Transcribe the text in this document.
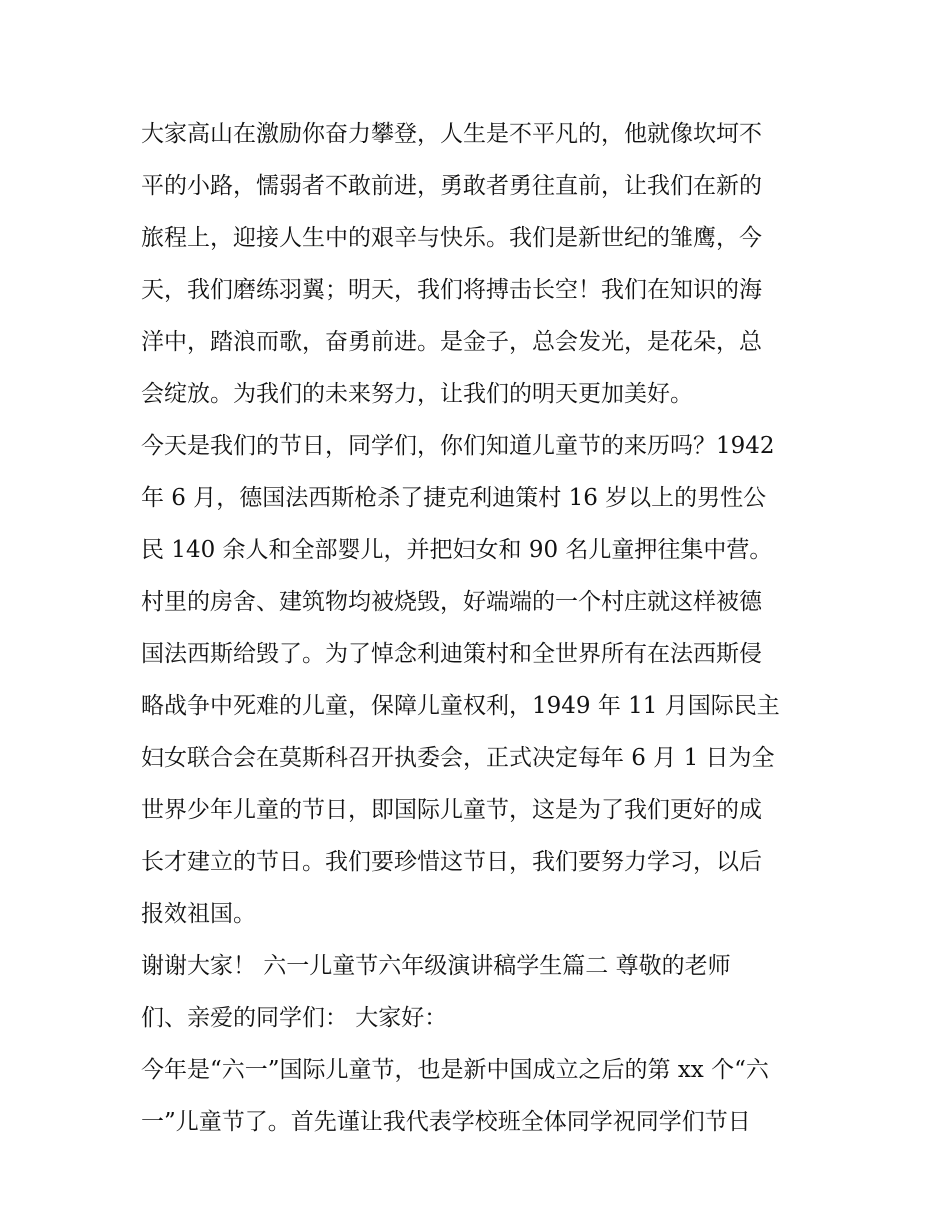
大家高山在激励你奋力攀登，人生是不平凡的，他就像坎坷不
平的小路，懦弱者不敢前进，勇敢者勇往直前，让我们在新的
旅程上，迎接人生中的艰辛与快乐。我们是新世纪的雏鹰，今
天，我们磨练羽翼；明天，我们将搏击长空！我们在知识的海
洋中，踏浪而歌，奋勇前进。是金子，总会发光，是花朵，总
会绽放。为我们的未来努力，让我们的明天更加美好。
今天是我们的节日，同学们，你们知道儿童节的来历吗？1942
年 6 月，德国法西斯枪杀了捷克利迪策村 16 岁以上的男性公
民 140 余人和全部婴儿，并把妇女和 90 名儿童押往集中营。
村里的房舍、建筑物均被烧毁，好端端的一个村庄就这样被德
国法西斯给毁了。为了悼念利迪策村和全世界所有在法西斯侵
略战争中死难的儿童，保障儿童权利，1949 年 11 月国际民主
妇女联合会在莫斯科召开执委会，正式决定每年 6 月 1 日为全
世界少年儿童的节日，即国际儿童节，这是为了我们更好的成
长才建立的节日。我们要珍惜这节日，我们要努力学习，以后
报效祖国。
谢谢大家！ 六一儿童节六年级演讲稿学生篇二 尊敬的老师
们、亲爱的同学们： 大家好：
今年是“六一”国际儿童节，也是新中国成立之后的第 xx 个“六
一”儿童节了。首先谨让我代表学校班全体同学祝同学们节日
